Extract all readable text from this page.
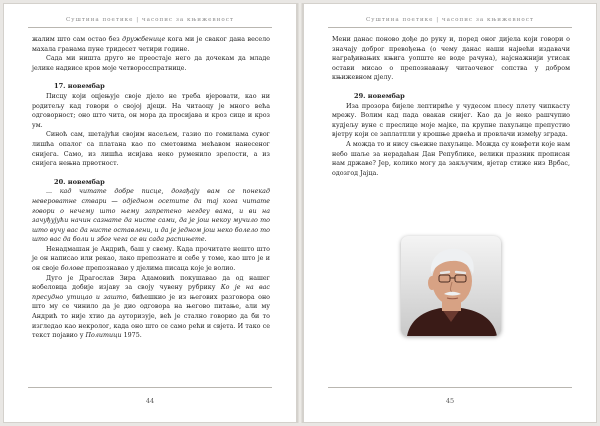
Суштина поетике | часопис за књижевност

жалим што сам остао без дружбенице кога ми је сваког дана весело махала гранама пуне тридесет четири године.

Сада ми ништа друго не преостаје него да дочекам да младе јелике надвисе кров моје четворосспратнице.

17. новембар

Писцу који оцјењује своје дјело не треба вјеровати, као ни родитељу кад говори о својој дјеци. На читаоцу је много већа одговорност; оно што чита, он мора да просијава и кроз сице и кроз ум.

Синоћ сам, шетајући својим насељем, газио по гомилама сувог лишћа опалог са платана као по сметовима мећавом нанесеног снијега. Само, из лишћа исијава неко руменило зрелости, а из снијега нењна првотност.

20. новембар

... кад читате добре писце, догађају вам се понекад невероватне ствари — одједном осетите да тај кога читате говори о нечему што њему запретено негдеу вама, и ви на зачуђујући начин сазнате да нисте сами, да је још некоy мучило то што вучу вас да нисте оставлени, и да је једном још неко болело то што вас да боли и због чега се ви сада распињете.

Ненадмашан је Андрић, баш у свему. Када прочитате нешто што је он написао или рекао, лако препознате и себе у томе, као што је и он своје болове препознавао у дјелима писаца које је волио.

Дуго је Драгослав Зира Адамовић покушавао да од нашег нобеловца добије изјаву за своју чувену рубрику Ко је на вас пресудно утицао и зашто, бићешкио је из његових разговора оно што му се чинило да је дио одговора на његово питање, али му Андрић то није хтио да ауторизује, већ је стално говорио да би то изгледао као некролог, када оно што се само рећи и свјета. И тако се текст појавио у Политици 1975.

44
Суштина поетике | часопис за књижевност

Мени данас поново дође до руку и, поред оног дијела који говори о значају доброг превођења (о чему данас наши највећи издавачи награђивањих књига уопште не воде рачуна), најснажнији утисак остави мисао о препознавању читаочевог сопства у добром књижевном дјелу.

29. новембар

Иза прозора бијеле лептириће у чудесом плесу плету чипкасту мрежу. Волим кад пада овакав снијег. Као да је неко рашчупио кудјељу вуне с преслице моје мајке, па крупне пахуљице препустио вјетру који се заплатпли у крошње дрвећа и провлачи између зграда.

А можда то и нису сњежне пахуљице. Можда су конфети које нам небо шаље за нерадаћан Дан Републике, велики празник прописан нам државе? Јер, колико могу да закључим, вјетар стиже низ Врбас, одозгод Јајца.

45
